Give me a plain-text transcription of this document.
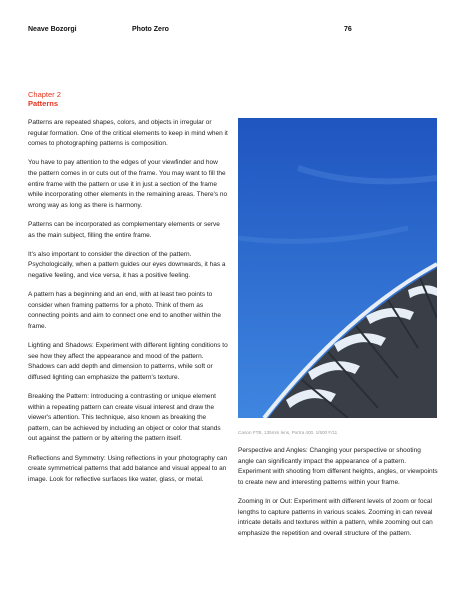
Neave Bozorgi	Photo Zero	76
Chapter 2
Patterns

Patterns are repeated shapes, colors, and objects in irregular or regular formation. One of the critical elements to keep in mind when it comes to photographing patterns is composition.

You have to pay attention to the edges of your viewfinder and how the pattern comes in or cuts out of the frame. You may want to fill the entire frame with the pattern or use it in just a section of the frame while incorporating other elements in the remaining areas. There's no wrong way as long as there is harmony.

Patterns can be incorporated as complementary elements or serve as the main subject, filling the entire frame.

It's also important to consider the direction of the pattern. Psychologically, when a pattern guides our eyes downwards, it has a negative feeling, and vice versa, it has a positive feeling.

A pattern has a beginning and an end, with at least two points to consider when framing patterns for a photo. Think of them as connecting points and aim to connect one end to another within the frame.

Lighting and Shadows: Experiment with different lighting conditions to see how they affect the appearance and mood of the pattern. Shadows can add depth and dimension to patterns, while soft or diffused lighting can emphasize the pattern's texture.

Breaking the Pattern: Introducing a contrasting or unique element within a repeating pattern can create visual interest and draw the viewer's attention. This technique, also known as breaking the pattern, can be achieved by including an object or color that stands out against the pattern or by altering the pattern itself.

Reflections and Symmetry: Using reflections in your photography can create symmetrical patterns that add balance and visual appeal to an image. Look for reflective surfaces like water, glass, or metal.

Canon FTB, 135mm lens, Portra 400. 1/500 F/11

Perspective and Angles: Changing your perspective or shooting angle can significantly impact the appearance of a pattern. Experiment with shooting from different heights, angles, or viewpoints to create new and interesting patterns within your frame.

Zooming In or Out: Experiment with different levels of zoom or focal lengths to capture patterns in various scales. Zooming in can reveal intricate details and textures within a pattern, while zooming out can emphasize the repetition and overall structure of the pattern.
